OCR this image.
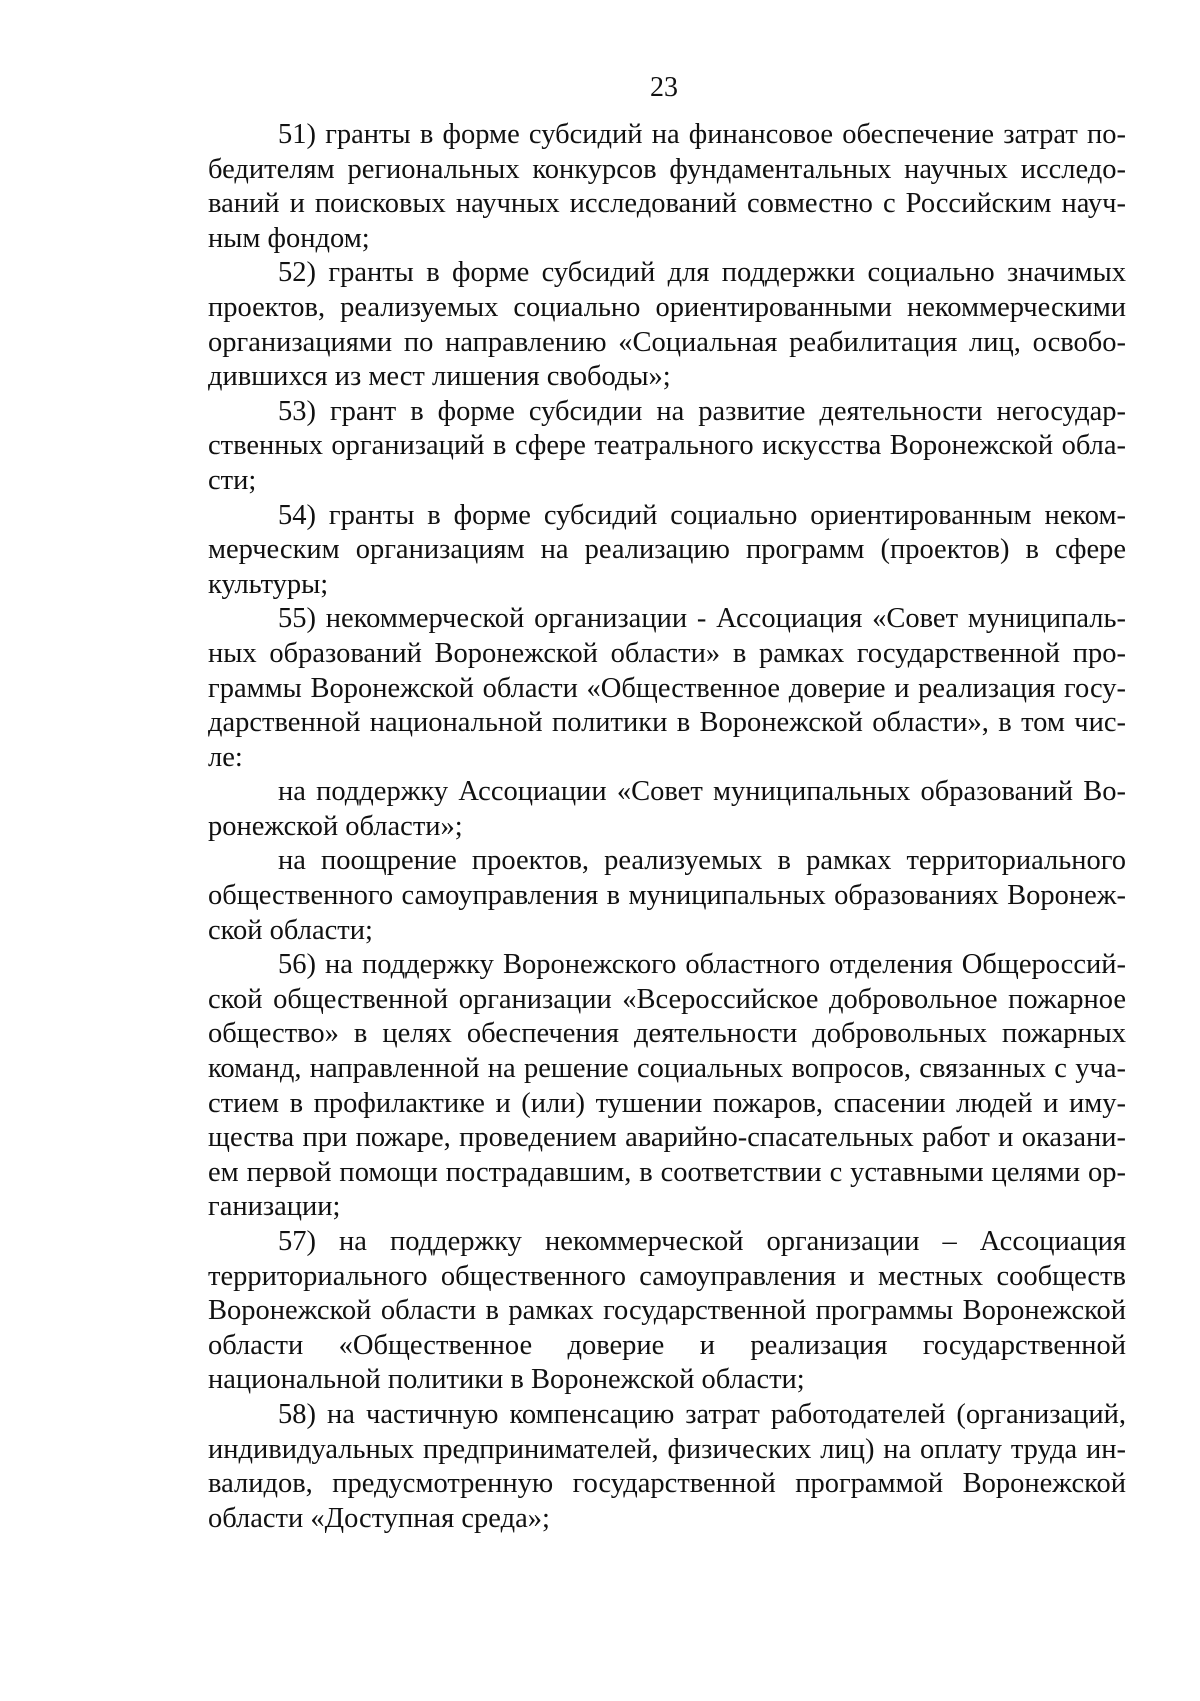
23

51) гранты в форме субсидий на финансовое обеспечение затрат победителям региональных конкурсов фундаментальных научных исследований и поисковых научных исследований совместно с Российским научным фондом;

52) гранты в форме субсидий для поддержки социально значимых проектов, реализуемых социально ориентированными некоммерческими организациями по направлению «Социальная реабилитация лиц, освободившихся из мест лишения свободы»;

53) грант в форме субсидии на развитие деятельности негосударственных организаций в сфере театрального искусства Воронежской области;

54) гранты в форме субсидий социально ориентированным некоммерческим организациям на реализацию программ (проектов) в сфере культуры;

55) некоммерческой организации - Ассоциация «Совет муниципальных образований Воронежской области» в рамках государственной программы Воронежской области «Общественное доверие и реализация государственной национальной политики в Воронежской области», в том числе:

на поддержку Ассоциации «Совет муниципальных образований Воронежской области»;

на поощрение проектов, реализуемых в рамках территориального общественного самоуправления в муниципальных образованиях Воронежской области;

56) на поддержку Воронежского областного отделения Общероссийской общественной организации «Всероссийское добровольное пожарное общество» в целях обеспечения деятельности добровольных пожарных команд, направленной на решение социальных вопросов, связанных с участием в профилактике и (или) тушении пожаров, спасении людей и имущества при пожаре, проведением аварийно-спасательных работ и оказанием первой помощи пострадавшим, в соответствии с уставными целями организации;

57) на поддержку некоммерческой организации – Ассоциация территориального общественного самоуправления и местных сообществ Воронежской области в рамках государственной программы Воронежской области «Общественное доверие и реализация государственной национальной политики в Воронежской области;

58) на частичную компенсацию затрат работодателей (организаций, индивидуальных предпринимателей, физических лиц) на оплату труда инвалидов, предусмотренную государственной программой Воронежской области «Доступная среда»;
